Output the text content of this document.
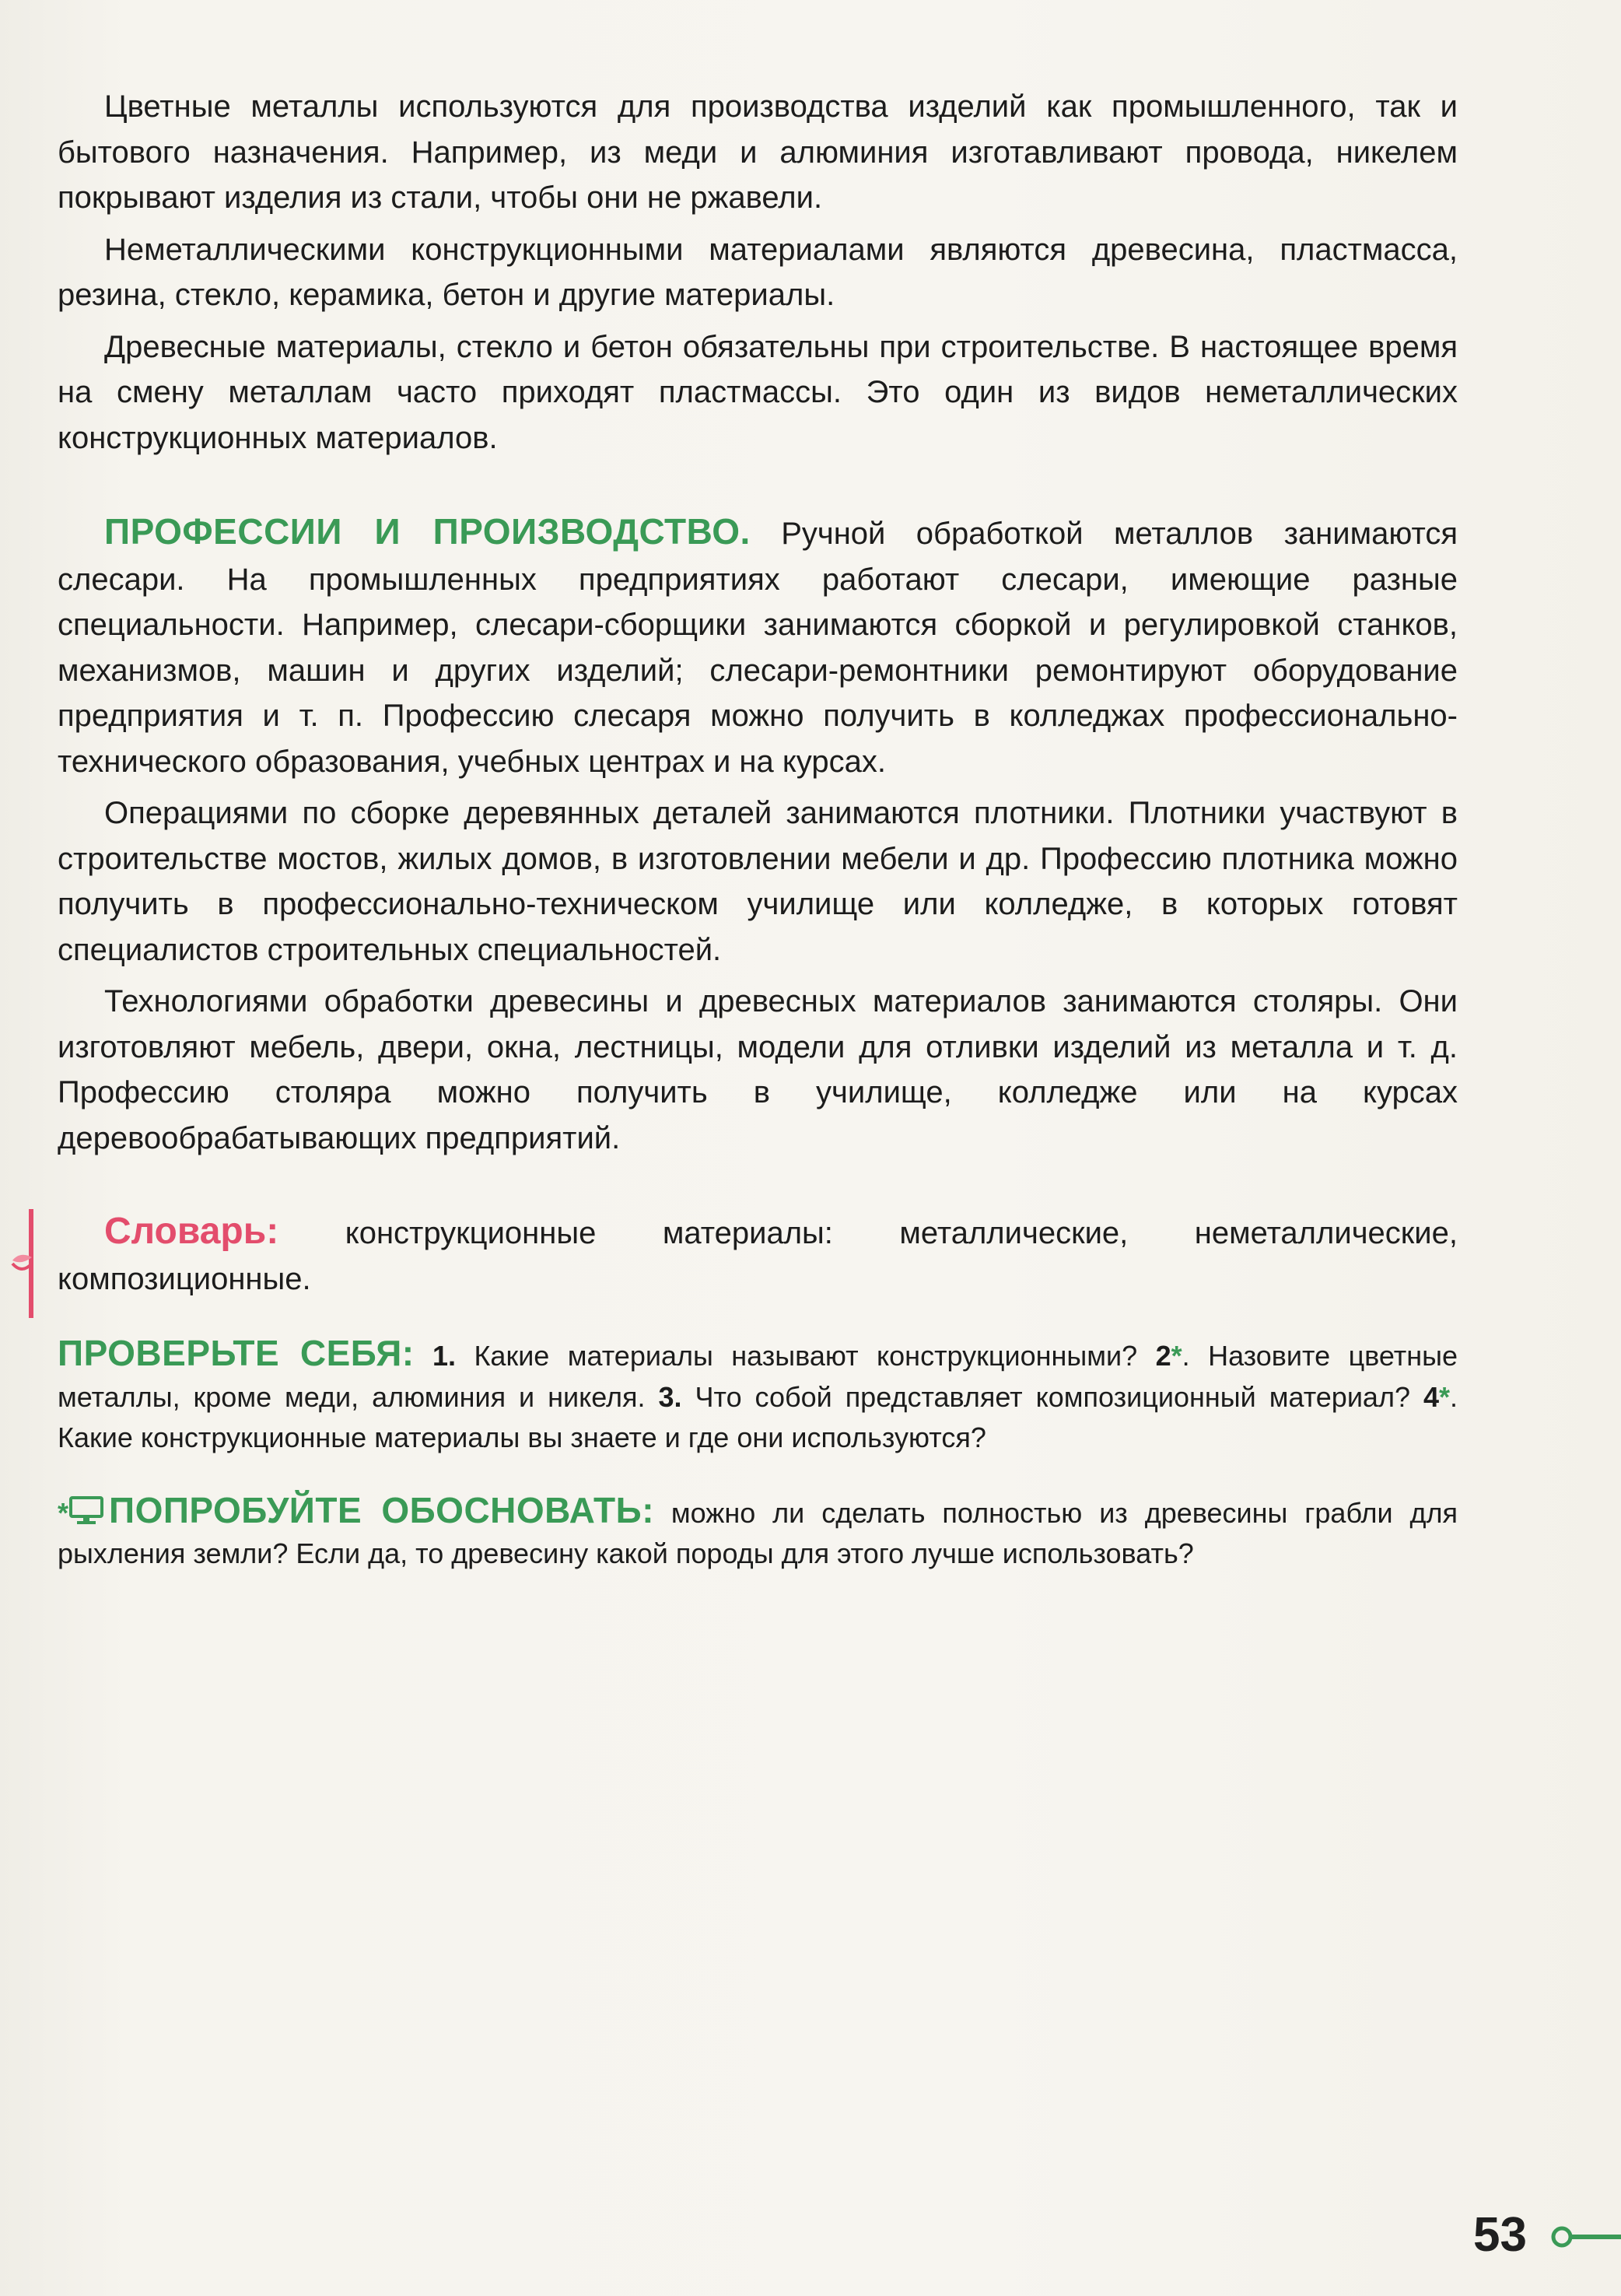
Цветные металлы используются для производства изделий как промышленного, так и бытового назначения. Например, из меди и алюминия изготавливают провода, никелем покрывают изделия из стали, чтобы они не ржавели.

Неметаллическими конструкционными материалами являются древесина, пластмасса, резина, стекло, керамика, бетон и другие материалы.

Древесные материалы, стекло и бетон обязательны при строительстве. В настоящее время на смену металлам часто приходят пластмассы. Это один из видов неметаллических конструкционных материалов.

ПРОФЕССИИ И ПРОИЗВОДСТВО. Ручной обработкой металлов занимаются слесари. На промышленных предприятиях работают слесари, имеющие разные специальности. Например, слесари-сборщики занимаются сборкой и регулировкой станков, механизмов, машин и других изделий; слесари-ремонтники ремонтируют оборудование предприятия и т. п. Профессию слесаря можно получить в колледжах профессионально-технического образования, учебных центрах и на курсах.

Операциями по сборке деревянных деталей занимаются плотники. Плотники участвуют в строительстве мостов, жилых домов, в изготовлении мебели и др. Профессию плотника можно получить в профессионально-техническом училище или колледже, в которых готовят специалистов строительных специальностей.

Технологиями обработки древесины и древесных материалов занимаются столяры. Они изготовляют мебель, двери, окна, лестницы, модели для отливки изделий из металла и т. д. Профессию столяра можно получить в училище, колледже или на курсах деревообрабатывающих предприятий.

Словарь: конструкционные материалы: металлические, неметаллические, композиционные.

ПРОВЕРЬТЕ СЕБЯ: 1. Какие материалы называют конструкционными? 2*. Назовите цветные металлы, кроме меди, алюминия и никеля. 3. Что собой представляет композиционный материал? 4*. Какие конструкционные материалы вы знаете и где они используются?

* ПОПРОБУЙТЕ ОБОСНОВАТЬ: можно ли сделать полностью из древесины грабли для рыхления земли? Если да, то древесину какой породы для этого лучше использовать?

53
